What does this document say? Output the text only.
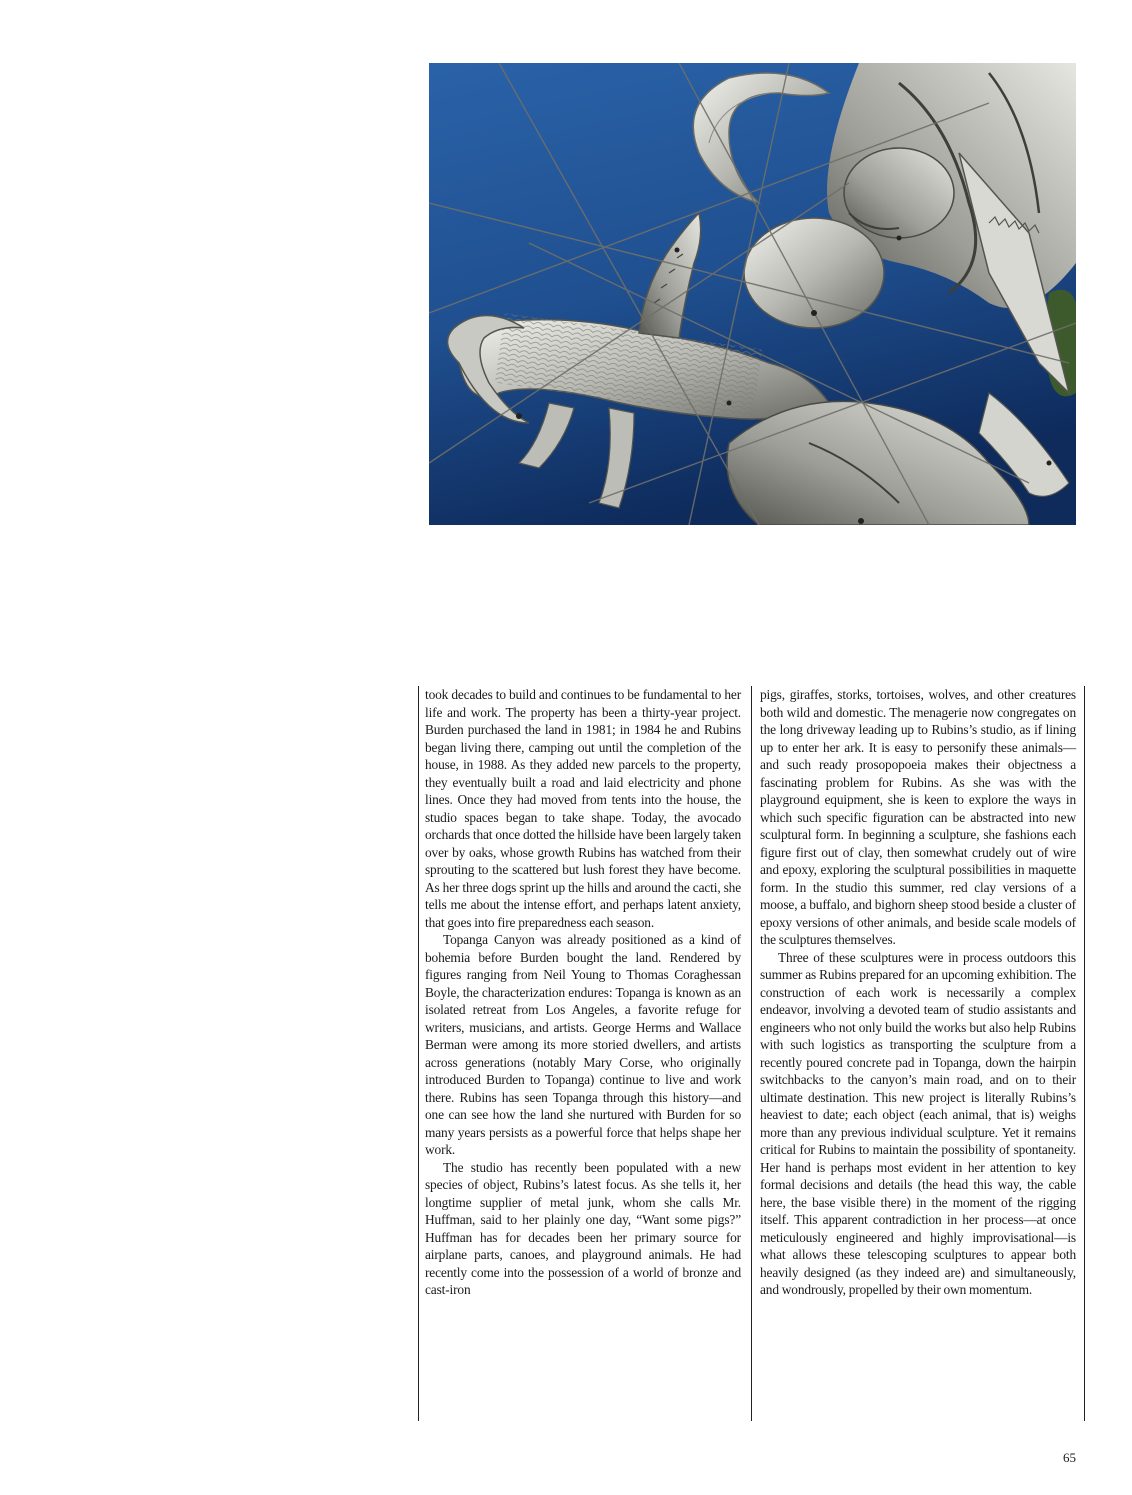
took decades to build and continues to be fundamental to her life and work. The property has been a thirty-year project. Burden purchased the land in 1981; in 1984 he and Rubins began living there, camping out until the completion of the house, in 1988. As they added new parcels to the property, they eventually built a road and laid electricity and phone lines. Once they had moved from tents into the house, the studio spaces began to take shape. Today, the avocado orchards that once dotted the hillside have been largely taken over by oaks, whose growth Rubins has watched from their sprouting to the scattered but lush forest they have become. As her three dogs sprint up the hills and around the cacti, she tells me about the intense effort, and perhaps latent anxiety, that goes into fire preparedness each season.

Topanga Canyon was already positioned as a kind of bohemia before Burden bought the land. Rendered by figures ranging from Neil Young to Thomas Coraghessan Boyle, the characterization endures: Topanga is known as an isolated retreat from Los Angeles, a favorite refuge for writers, musicians, and artists. George Herms and Wallace Berman were among its more storied dwellers, and artists across generations (notably Mary Corse, who originally introduced Burden to Topanga) continue to live and work there. Rubins has seen Topanga through this history—and one can see how the land she nurtured with Burden for so many years persists as a powerful force that helps shape her work.

The studio has recently been populated with a new species of object, Rubins’s latest focus. As she tells it, her longtime supplier of metal junk, whom she calls Mr. Huffman, said to her plainly one day, “Want some pigs?” Huffman has for decades been her primary source for airplane parts, canoes, and playground animals. He had recently come into the possession of a world of bronze and cast-iron

pigs, giraffes, storks, tortoises, wolves, and other creatures both wild and domestic. The menagerie now congregates on the long driveway leading up to Rubins’s studio, as if lining up to enter her ark. It is easy to personify these animals—and such ready prosopopoeia makes their objectness a fascinating problem for Rubins. As she was with the playground equipment, she is keen to explore the ways in which such specific figuration can be abstracted into new sculptural form. In beginning a sculpture, she fashions each figure first out of clay, then somewhat crudely out of wire and epoxy, exploring the sculptural possibilities in maquette form. In the studio this summer, red clay versions of a moose, a buffalo, and bighorn sheep stood beside a cluster of epoxy versions of other animals, and beside scale models of the sculptures themselves.

Three of these sculptures were in process outdoors this summer as Rubins prepared for an upcoming exhibition. The construction of each work is necessarily a complex endeavor, involving a devoted team of studio assistants and engineers who not only build the works but also help Rubins with such logistics as transporting the sculpture from a recently poured concrete pad in Topanga, down the hairpin switchbacks to the canyon’s main road, and on to their ultimate destination. This new project is literally Rubins’s heaviest to date; each object (each animal, that is) weighs more than any previous individual sculpture. Yet it remains critical for Rubins to maintain the possibility of spontaneity. Her hand is perhaps most evident in her attention to key formal decisions and details (the head this way, the cable here, the base visible there) in the moment of the rigging itself. This apparent contradiction in her process—at once meticulously engineered and highly improvisational—is what allows these telescoping sculptures to appear both heavily designed (as they indeed are) and simultaneously, and wondrously, propelled by their own momentum.

65
